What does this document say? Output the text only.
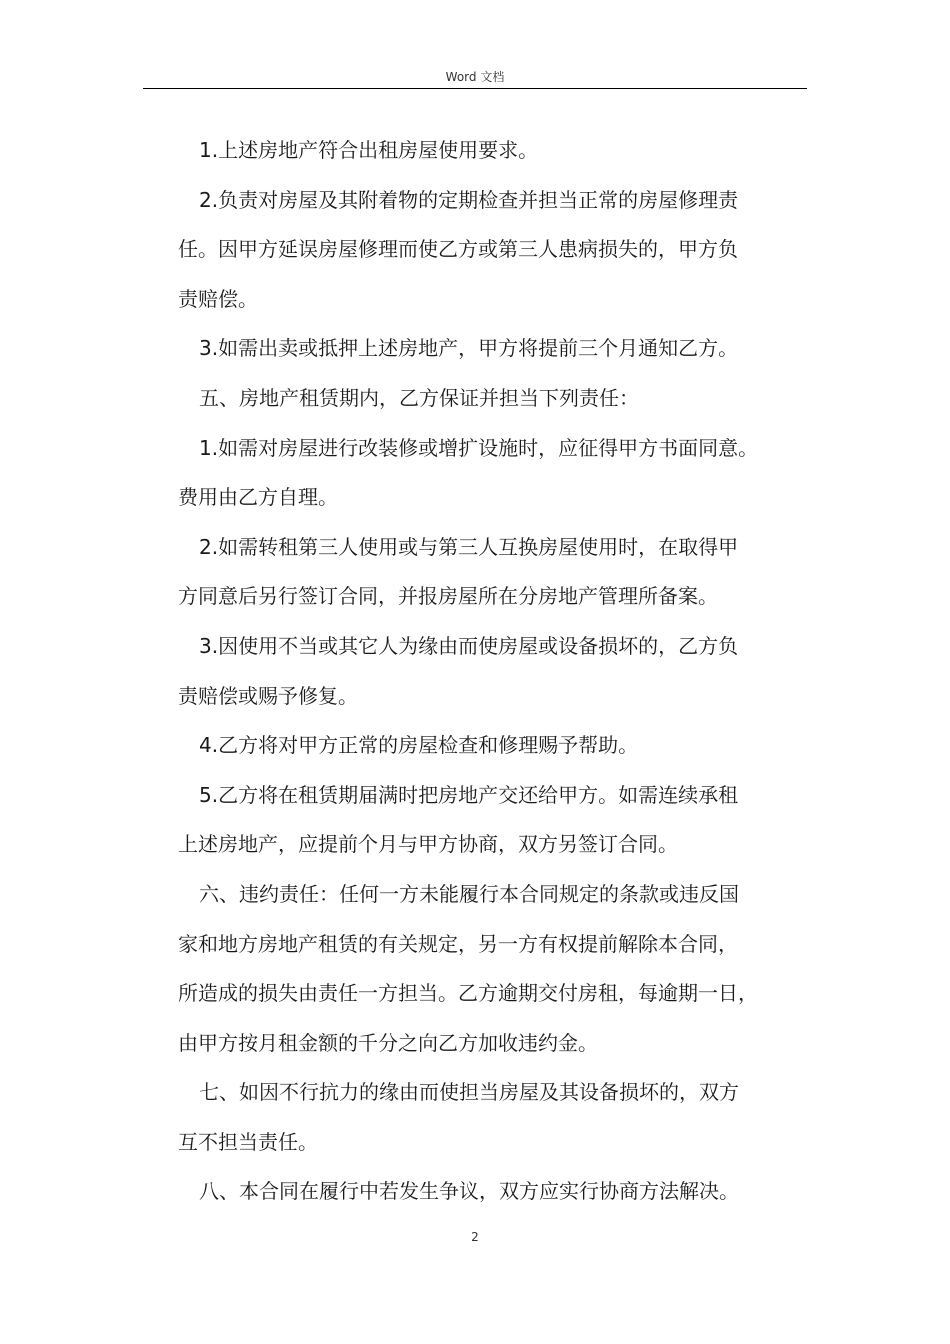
Word 文档

1.上述房地产符合出租房屋使用要求。

2.负责对房屋及其附着物的定期检查并担当正常的房屋修理责

任。因甲方延误房屋修理而使乙方或第三人患病损失的，甲方负

责赔偿。

3.如需出卖或抵押上述房地产，甲方将提前三个月通知乙方。

五、房地产租赁期内，乙方保证并担当下列责任：

1.如需对房屋进行改装修或增扩设施时，应征得甲方书面同意。

费用由乙方自理。

2.如需转租第三人使用或与第三人互换房屋使用时，在取得甲

方同意后另行签订合同，并报房屋所在分房地产管理所备案。

3.因使用不当或其它人为缘由而使房屋或设备损坏的，乙方负

责赔偿或赐予修复。

4.乙方将对甲方正常的房屋检查和修理赐予帮助。

5.乙方将在租赁期届满时把房地产交还给甲方。如需连续承租

上述房地产，应提前个月与甲方协商，双方另签订合同。

六、违约责任：任何一方未能履行本合同规定的条款或违反国

家和地方房地产租赁的有关规定，另一方有权提前解除本合同，

所造成的损失由责任一方担当。乙方逾期交付房租，每逾期一日，

由甲方按月租金额的千分之向乙方加收违约金。

七、如因不行抗力的缘由而使担当房屋及其设备损坏的，双方

互不担当责任。

八、本合同在履行中若发生争议，双方应实行协商方法解决。

2
